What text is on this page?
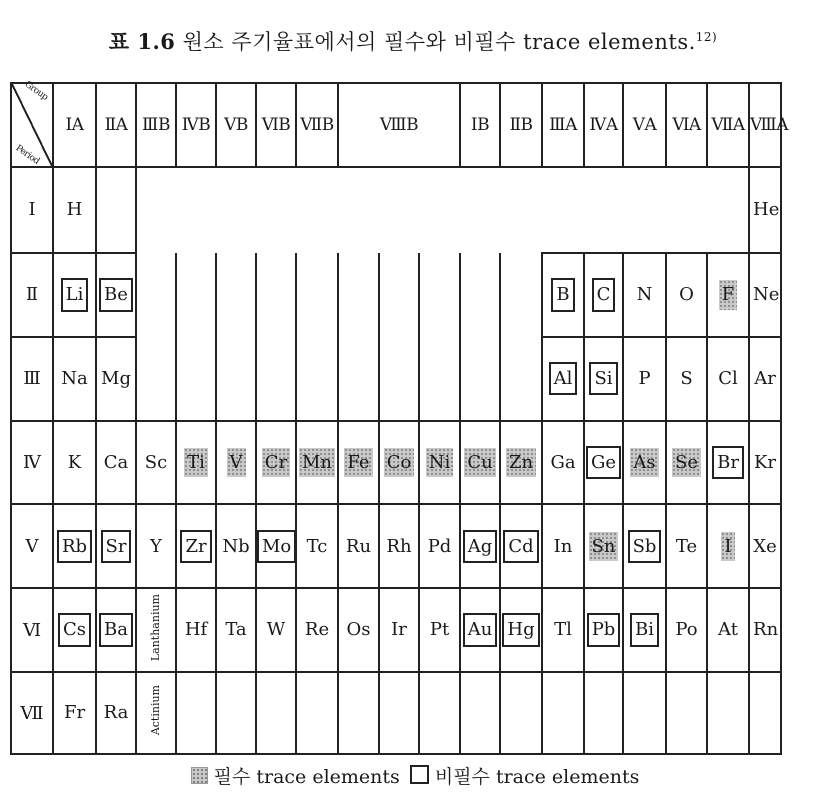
표 1.6 원소 주기율표에서의 필수와 비필수 trace elements.$^{12)}$
Group
Period	ⅠA	ⅡA	ⅢB	ⅣB	ⅤB	ⅥB	ⅦB	ⅧB			ⅠB	ⅡB	ⅢA	ⅣA	ⅤA	ⅥA	ⅦA	ⅧA
Ⅰ	H																	He
Ⅱ	Li	Be											B	C	N	O	F	Ne
Ⅲ	Na	Mg											Al	Si	P	S	Cl	Ar
Ⅳ	K	Ca	Sc	Ti	V	Cr	Mn	Fe	Co	Ni	Cu	Zn	Ga	Ge	As	Se	Br	Kr
Ⅴ	Rb	Sr	Y	Zr	Nb	Mo	Tc	Ru	Rh	Pd	Ag	Cd	In	Sn	Sb	Te	I	Xe
Ⅵ	Cs	Ba	Lanthanium	Hf	Ta	W	Re	Os	Ir	Pt	Au	Hg	Tl	Pb	Bi	Po	At	Rn
Ⅶ	Fr	Ra	Actinium															
필수 trace elements 비필수 trace elements
